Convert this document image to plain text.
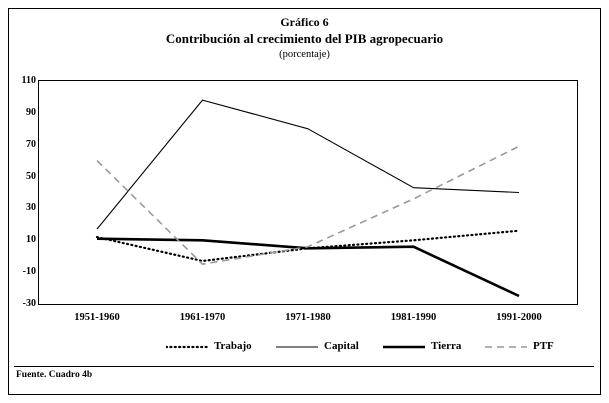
Gráfico 6
Contribución al crecimiento del PIB agropecuario
(porcentaje)
110
90
70
50
30
10
-10
-30
1951-1960	1961-1970	1971-1980	1981-1990	1991-2000
Trabajo	Capital	Tierra	PTF
Fuente. Cuadro 4b
